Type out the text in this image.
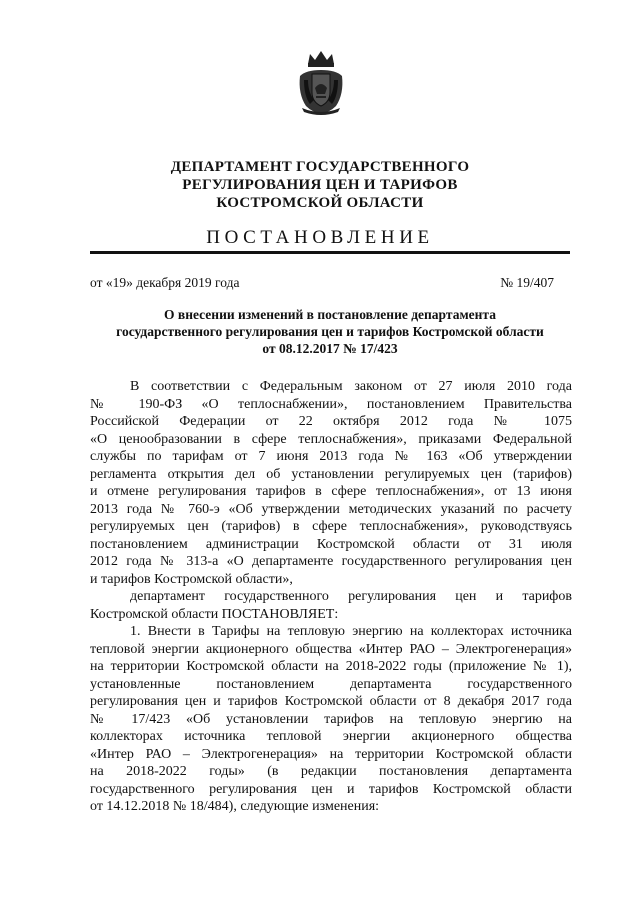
ДЕПАРТАМЕНТ ГОСУДАРСТВЕННОГО
РЕГУЛИРОВАНИЯ ЦЕН И ТАРИФОВ
КОСТРОМСКОЙ ОБЛАСТИ
ПОСТАНОВЛЕНИЕ
от «19» декабря 2019 года	№ 19/407
О внесении изменений в постановление департамента
государственного регулирования цен и тарифов Костромской области
от 08.12.2017 № 17/423
В соответствии с Федеральным законом от 27 июля 2010 года
№ 190-ФЗ «О теплоснабжении», постановлением Правительства
Российской Федерации от 22 октября 2012 года № 1075
«О ценообразовании в сфере теплоснабжения», приказами Федеральной
службы по тарифам от 7 июня 2013 года № 163 «Об утверждении
регламента открытия дел об установлении регулируемых цен (тарифов)
и отмене регулирования тарифов в сфере теплоснабжения», от 13 июня
2013 года № 760-э «Об утверждении методических указаний по расчету
регулируемых цен (тарифов) в сфере теплоснабжения», руководствуясь
постановлением администрации Костромской области от 31 июля
2012 года № 313-а «О департаменте государственного регулирования цен
и тарифов Костромской области»,
департамент государственного регулирования цен и тарифов
Костромской области ПОСТАНОВЛЯЕТ:
1. Внести в Тарифы на тепловую энергию на коллекторах источника
тепловой энергии акционерного общества «Интер РАО – Электрогенерация»
на территории Костромской области на 2018-2022 годы (приложение № 1),
установленные постановлением департамента государственного
регулирования цен и тарифов Костромской области от 8 декабря 2017 года
№ 17/423 «Об установлении тарифов на тепловую энергию на
коллекторах источника тепловой энергии акционерного общества
«Интер РАО – Электрогенерация» на территории Костромской области
на 2018-2022 годы» (в редакции постановления департамента
государственного регулирования цен и тарифов Костромской области
от 14.12.2018 № 18/484), следующие изменения:
